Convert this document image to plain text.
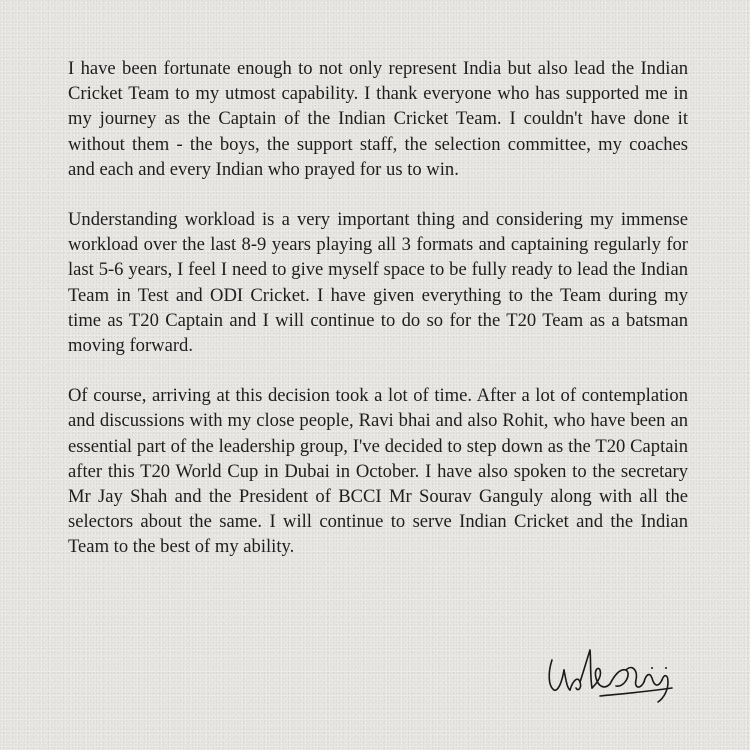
I have been fortunate enough to not only represent India but also lead the Indian Cricket Team to my utmost capability. I thank everyone who has supported me in my journey as the Captain of the Indian Cricket Team. I couldn't have done it without them - the boys, the support staff, the selection committee, my coaches and each and every Indian who prayed for us to win.

Understanding workload is a very important thing and considering my immense workload over the last 8-9 years playing all 3 formats and captaining regularly for last 5-6 years, I feel I need to give myself space to be fully ready to lead the Indian Team in Test and ODI Cricket. I have given everything to the Team during my time as T20 Captain and I will continue to do so for the T20 Team as a batsman moving forward.

Of course, arriving at this decision took a lot of time. After a lot of contemplation and discussions with my close people, Ravi bhai and also Rohit, who have been an essential part of the leadership group, I've decided to step down as the T20 Captain after this T20 World Cup in Dubai in October. I have also spoken to the secretary Mr Jay Shah and the President of BCCI Mr Sourav Ganguly along with all the selectors about the same. I will continue to serve Indian Cricket and the Indian Team to the best of my ability.
